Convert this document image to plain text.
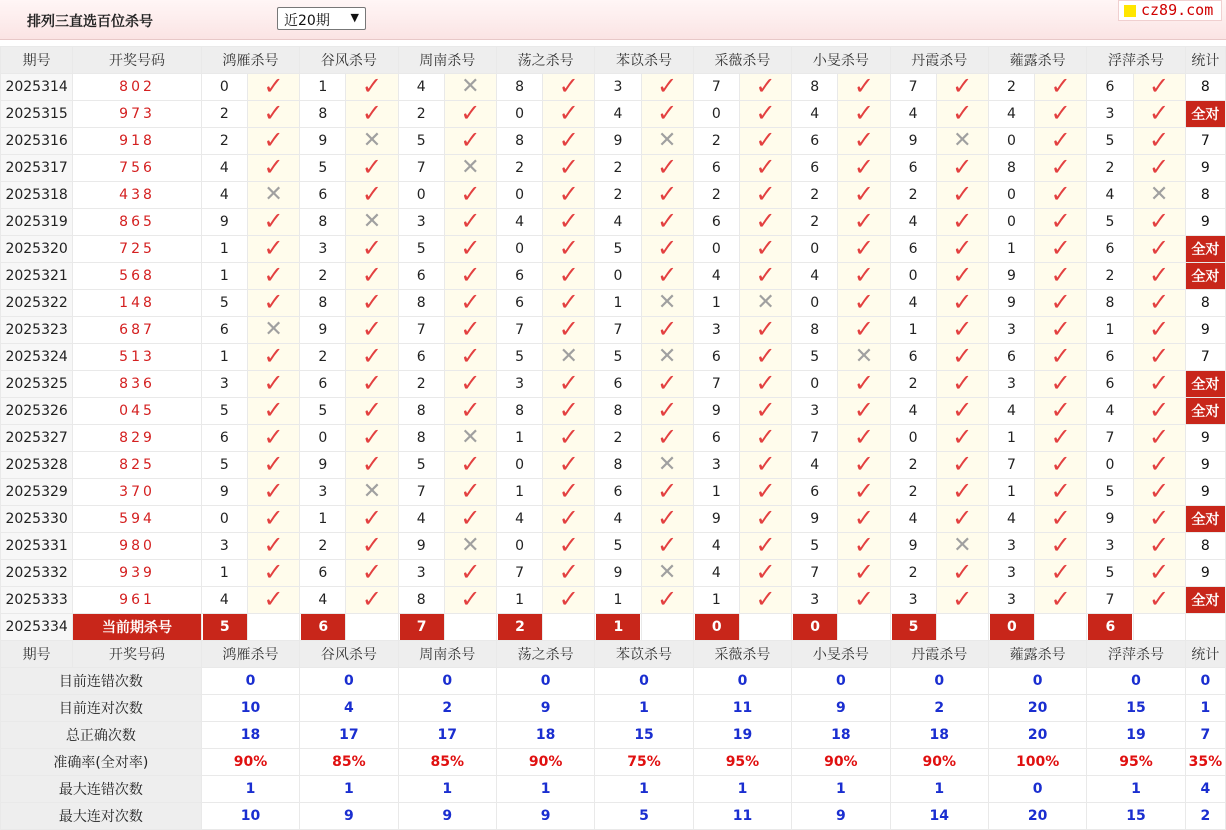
排列三直选百位杀号	近20期 ▼	cz89.com
期号	开奖号码	鸿雁杀号		谷风杀号		周南杀号		荡之杀号		苯苡杀号		采薇杀号		小旻杀号		丹霞杀号		蕹露杀号		浮萍杀号		统计
2025314	802	0	✓	1	✓	4	✕	8	✓	3	✓	7	✓	8	✓	7	✓	2	✓	6	✓	8
2025315	973	2	✓	8	✓	2	✓	0	✓	4	✓	0	✓	4	✓	4	✓	4	✓	3	✓	全对
2025316	918	2	✓	9	✕	5	✓	8	✓	9	✕	2	✓	6	✓	9	✕	0	✓	5	✓	7
2025317	756	4	✓	5	✓	7	✕	2	✓	2	✓	6	✓	6	✓	6	✓	8	✓	2	✓	9
2025318	438	4	✕	6	✓	0	✓	0	✓	2	✓	2	✓	2	✓	2	✓	0	✓	4	✕	8
2025319	865	9	✓	8	✕	3	✓	4	✓	4	✓	6	✓	2	✓	4	✓	0	✓	5	✓	9
2025320	725	1	✓	3	✓	5	✓	0	✓	5	✓	0	✓	0	✓	6	✓	1	✓	6	✓	全对
2025321	568	1	✓	2	✓	6	✓	6	✓	0	✓	4	✓	4	✓	0	✓	9	✓	2	✓	全对
2025322	148	5	✓	8	✓	8	✓	6	✓	1	✕	1	✕	0	✓	4	✓	9	✓	8	✓	8
2025323	687	6	✕	9	✓	7	✓	7	✓	7	✓	3	✓	8	✓	1	✓	3	✓	1	✓	9
2025324	513	1	✓	2	✓	6	✓	5	✕	5	✕	6	✓	5	✕	6	✓	6	✓	6	✓	7
2025325	836	3	✓	6	✓	2	✓	3	✓	6	✓	7	✓	0	✓	2	✓	3	✓	6	✓	全对
2025326	045	5	✓	5	✓	8	✓	8	✓	8	✓	9	✓	3	✓	4	✓	4	✓	4	✓	全对
2025327	829	6	✓	0	✓	8	✕	1	✓	2	✓	6	✓	7	✓	0	✓	1	✓	7	✓	9
2025328	825	5	✓	9	✓	5	✓	0	✓	8	✕	3	✓	4	✓	2	✓	7	✓	0	✓	9
2025329	370	9	✓	3	✕	7	✓	1	✓	6	✓	1	✓	6	✓	2	✓	1	✓	5	✓	9
2025330	594	0	✓	1	✓	4	✓	4	✓	4	✓	9	✓	9	✓	4	✓	4	✓	9	✓	全对
2025331	980	3	✓	2	✓	9	✕	0	✓	5	✓	4	✓	5	✓	9	✕	3	✓	3	✓	8
2025332	939	1	✓	6	✓	3	✓	7	✓	9	✕	4	✓	7	✓	2	✓	3	✓	5	✓	9
2025333	961	4	✓	4	✓	8	✓	1	✓	1	✓	1	✓	3	✓	3	✓	3	✓	7	✓	全对
2025334	当前期杀号	5		6		7		2		1		0		0		5		0		6		

期号	开奖号码	鸿雁杀号		谷风杀号		周南杀号		荡之杀号		苯苡杀号		采薇杀号		小旻杀号		丹霞杀号		蕹露杀号		浮萍杀号		统计
目前连错次数		0		0		0		0		0		0		0		0		0		0		0
目前连对次数		10		4		2		9		1		11		9		2		20		15		1
总正确次数		18		17		17		18		15		19		18		18		20		19		7
准确率(全对率)		90%		85%		85%		90%		75%		95%		90%		90%		100%		95%		35%
最大连错次数		1		1		1		1		1		1		1		1		0		1		4
最大连对次数		10		9		9		9		5		11		9		14		20		15		2
